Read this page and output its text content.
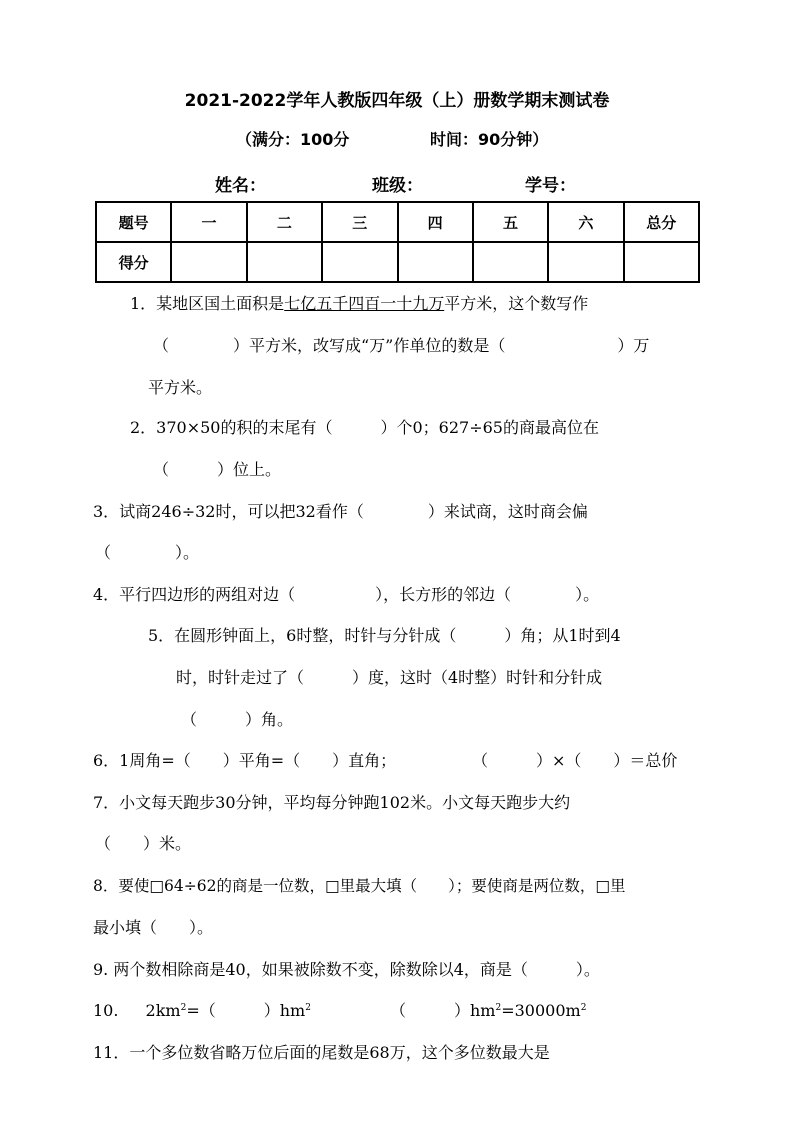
2021-2022学年人教版四年级（上）册数学期末测试卷
（满分：100分	时间：90分钟）
姓名：	班级：	学号：
题号	一	二	三	四	五	六	总分
得分							
1．某地区国土面积是七亿五千四百一十九万平方米，这个数写作
（　　　　）平方米，改写成“万”作单位的数是（　　　　　　　）万
平方米。
2．370×50的积的末尾有（　　　）个0；627÷65的商最高位在
（　　　）位上。
3．试商246÷32时，可以把32看作（　　　　）来试商，这时商会偏
（　　　　）。
4．平行四边形的两组对边（　　　　　），长方形的邻边（　　　　）。
5．在圆形钟面上，6时整，时针与分针成（　　　）角；从1时到4
时，时针走过了（　　　）度，这时（4时整）时针和分针成
（　　　）角。
6．1周角=（　　）平角=（　　）直角；	（　　　）×（　　）＝总价
7．小文每天跑步30分钟，平均每分钟跑102米。小文每天跑步大约
（　　）米。
8．要使□64÷62的商是一位数，□里最大填（　　）；要使商是两位数，□里
最小填（　　）。
9. 两个数相除商是40，如果被除数不变，除数除以4，商是（　　　）。
10. $2km^2=$（　　　）$hm^2$	（　　　）$hm^2=30000m^2$
11．一个多位数省略万位后面的尾数是68万，这个多位数最大是
